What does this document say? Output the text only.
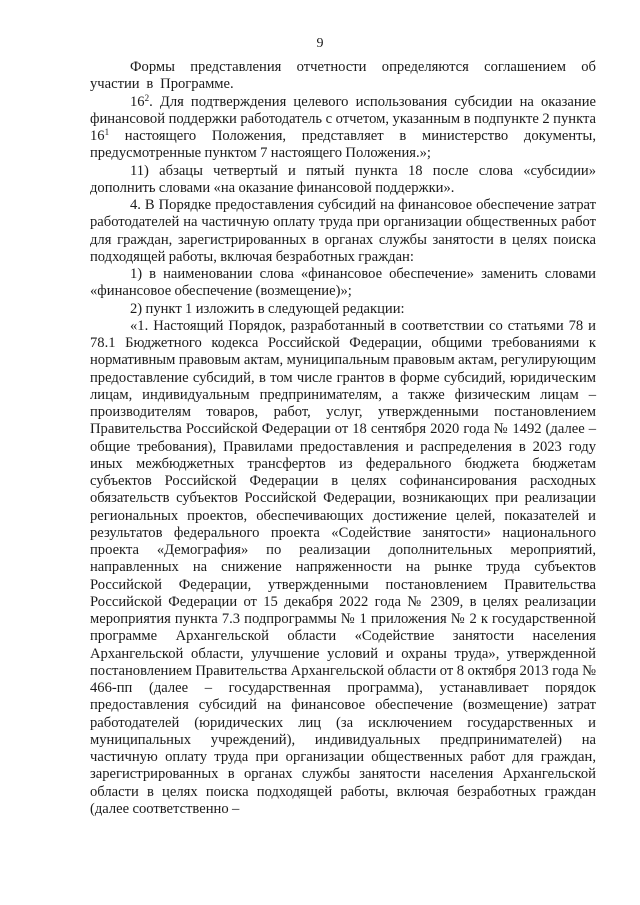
9

Формы представления отчетности определяются соглашением об участии в Программе.

$16^2$. Для подтверждения целевого использования субсидии на оказание финансовой поддержки работодатель с отчетом, указанным в подпункте 2 пункта $16^1$ настоящего Положения, представляет в министерство документы, предусмотренные пунктом 7 настоящего Положения.»;

11) абзацы четвертый и пятый пункта 18 после слова «субсидии» дополнить словами «на оказание финансовой поддержки».

4. В Порядке предоставления субсидий на финансовое обеспечение затрат работодателей на частичную оплату труда при организации общественных работ для граждан, зарегистрированных в органах службы занятости в целях поиска подходящей работы, включая безработных граждан:

1) в наименовании слова «финансовое обеспечение» заменить словами «финансовое обеспечение (возмещение)»;

2) пункт 1 изложить в следующей редакции:

«1. Настоящий Порядок, разработанный в соответствии со статьями 78 и 78.1 Бюджетного кодекса Российской Федерации, общими требованиями к нормативным правовым актам, муниципальным правовым актам, регулирующим предоставление субсидий, в том числе грантов в форме субсидий, юридическим лицам, индивидуальным предпринимателям, а также физическим лицам – производителям товаров, работ, услуг, утвержденными постановлением Правительства Российской Федерации от 18 сентября 2020 года № 1492 (далее – общие требования), Правилами предоставления и распределения в 2023 году иных межбюджетных трансфертов из федерального бюджета бюджетам субъектов Российской Федерации в целях софинансирования расходных обязательств субъектов Российской Федерации, возникающих при реализации региональных проектов, обеспечивающих достижение целей, показателей и результатов федерального проекта «Содействие занятости» национального проекта «Демография» по реализации дополнительных мероприятий, направленных на снижение напряженности на рынке труда субъектов Российской Федерации, утвержденными постановлением Правительства Российской Федерации от 15 декабря 2022 года № 2309, в целях реализации мероприятия пункта 7.3 подпрограммы № 1 приложения № 2 к государственной программе Архангельской области «Содействие занятости населения Архангельской области, улучшение условий и охраны труда», утвержденной постановлением Правительства Архангельской области от 8 октября 2013 года № 466-пп (далее – государственная программа), устанавливает порядок предоставления субсидий на финансовое обеспечение (возмещение) затрат работодателей (юридических лиц (за исключением государственных и муниципальных учреждений), индивидуальных предпринимателей) на частичную оплату труда при организации общественных работ для граждан, зарегистрированных в органах службы занятости населения Архангельской области в целях поиска подходящей работы, включая безработных граждан (далее соответственно –
